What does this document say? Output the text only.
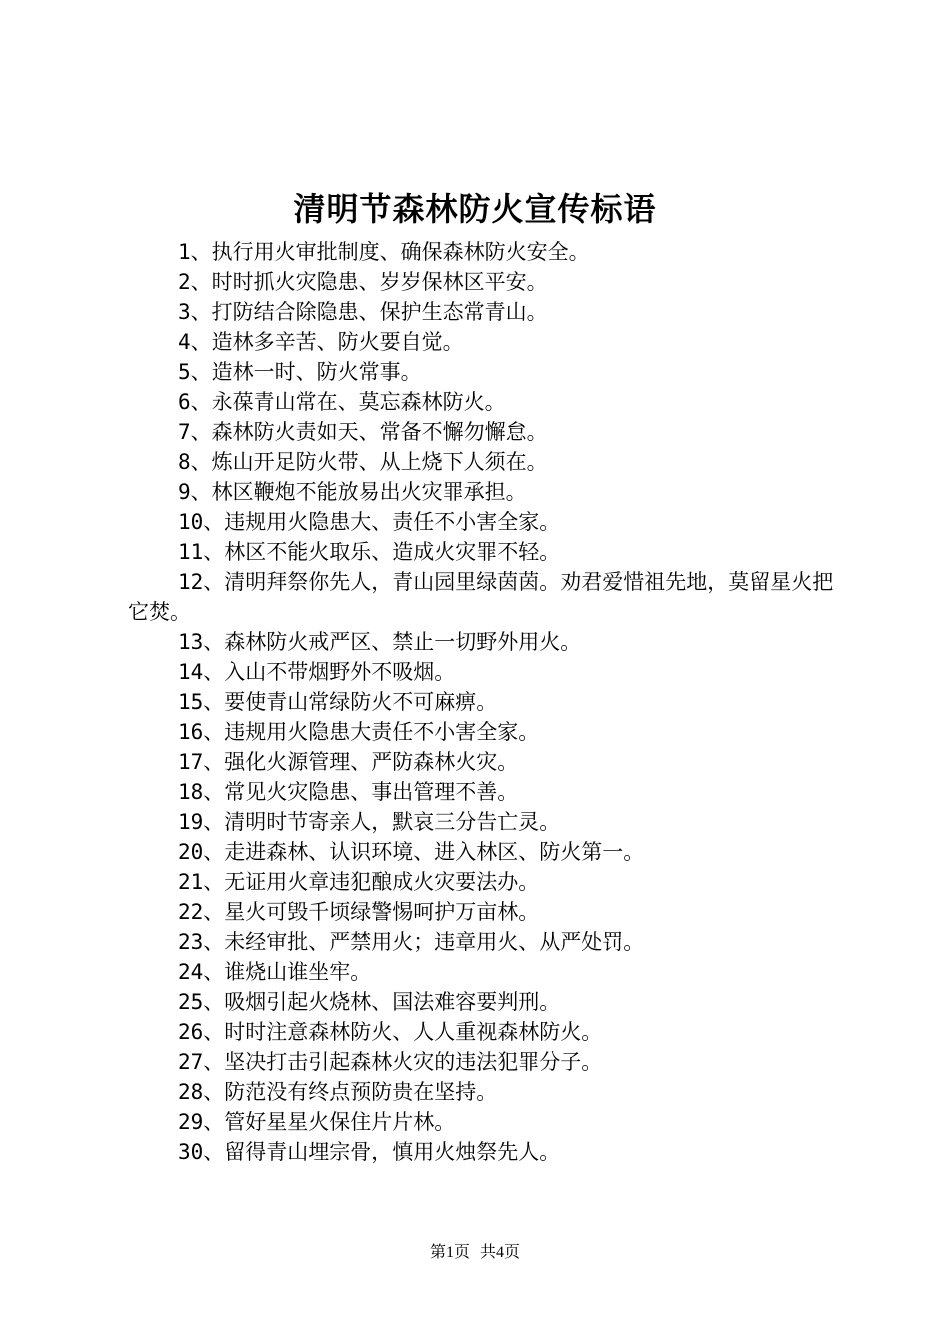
清明节森林防火宣传标语

1、执行用火审批制度、确保森林防火安全。

2、时时抓火灾隐患、岁岁保林区平安。

3、打防结合除隐患、保护生态常青山。

4、造林多辛苦、防火要自觉。

5、造林一时、防火常事。

6、永葆青山常在、莫忘森林防火。

7、森林防火责如天、常备不懈勿懈怠。

8、炼山开足防火带、从上烧下人须在。

9、林区鞭炮不能放易出火灾罪承担。

10、违规用火隐患大、责任不小害全家。

11、林区不能火取乐、造成火灾罪不轻。

12、清明拜祭你先人，青山园里绿茵茵。劝君爱惜祖先地，莫留星火把它焚。

13、森林防火戒严区、禁止一切野外用火。

14、入山不带烟野外不吸烟。

15、要使青山常绿防火不可麻痹。

16、违规用火隐患大责任不小害全家。

17、强化火源管理、严防森林火灾。

18、常见火灾隐患、事出管理不善。

19、清明时节寄亲人，默哀三分告亡灵。

20、走进森林、认识环境、进入林区、防火第一。

21、无证用火章违犯酿成火灾要法办。

22、星火可毁千顷绿警惕呵护万亩林。

23、未经审批、严禁用火；违章用火、从严处罚。

24、谁烧山谁坐牢。

25、吸烟引起火烧林、国法难容要判刑。

26、时时注意森林防火、人人重视森林防火。

27、坚决打击引起森林火灾的违法犯罪分子。

28、防范没有终点预防贵在坚持。

29、管好星星火保住片片林。

30、留得青山埋宗骨，慎用火烛祭先人。

第1页 共4页
